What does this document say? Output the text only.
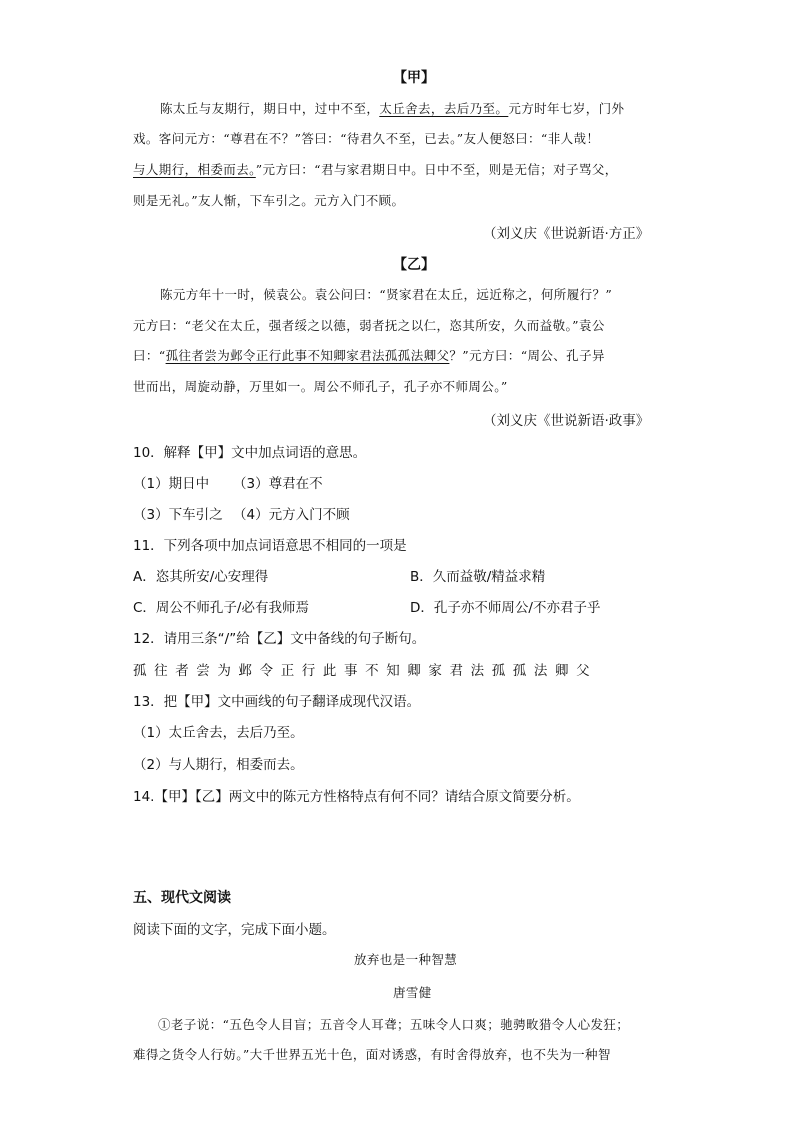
【甲】
陈太丘与友期行，期日中，过中不至，太丘舍去，去后乃至。元方时年七岁，门外
戏。客问元方：“尊君在不？”答曰：“待君久不至，已去。”友人便怒曰：“非人哉！
与人期行，相委而去。”元方曰：“君与家君期日中。日中不至，则是无信；对子骂父，
则是无礼。”友人惭，下车引之。元方入门不顾。
（刘义庆《世说新语·方正》
【乙】
陈元方年十一时，候袁公。袁公问曰：“贤家君在太丘，远近称之，何所履行？”
元方曰：“老父在太丘，强者绥之以德，弱者抚之以仁，恣其所安，久而益敬。”袁公
曰：“孤往者尝为邺令正行此事不知卿家君法孤孤法卿父？”元方曰：“周公、孔子异
世而出，周旋动静，万里如一。周公不师孔子，孔子亦不师周公。”
（刘义庆《世说新语·政事》
10．解释【甲】文中加点词语的意思。
（1）期日中 （3）尊君在不
（3）下车引之 （4）元方入门不顾
11．下列各项中加点词语意思不相同的一项是
A．恣其所安/心安理得	B．久而益敬/精益求精
C．周公不师孔子/必有我师焉	D．孔子亦不师周公/不亦君子乎
12．请用三条“/”给【乙】文中备线的句子断句。
孤往者尝为邺令正行此事不知卿家君法孤孤法卿父
13．把【甲】文中画线的句子翻译成现代汉语。
（1）太丘舍去，去后乃至。
（2）与人期行，相委而去。
14.【甲】【乙】两文中的陈元方性格特点有何不同？请结合原文简要分析。
五、现代文阅读
阅读下面的文字，完成下面小题。
放弃也是一种智慧
唐雪健
①老子说：“五色令人目盲；五音令人耳聋；五味令人口爽；驰骋畋猎令人心发狂；
难得之货令人行妨。”大千世界五光十色，面对诱惑，有时舍得放弃，也不失为一种智
